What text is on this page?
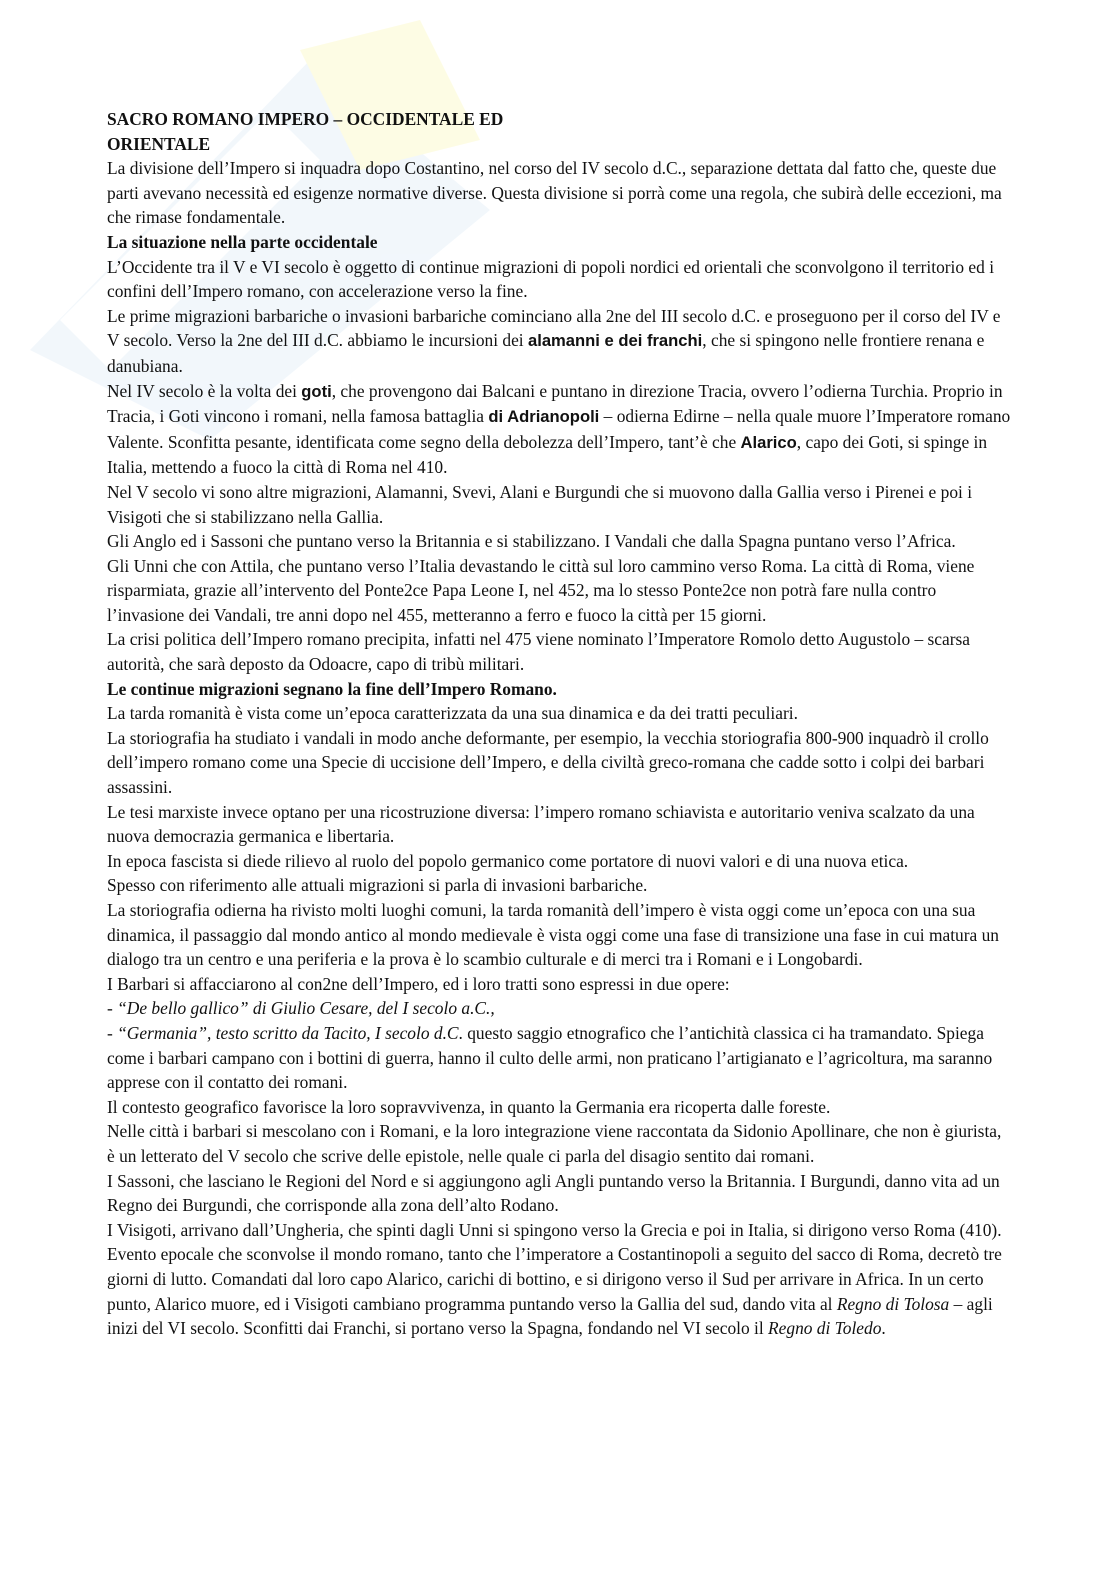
SACRO ROMANO IMPERO – OCCIDENTALE ED

ORIENTALE

La divisione dell’Impero si inquadra dopo Costantino, nel corso del IV secolo d.C., separazione dettata dal fatto che, queste due parti avevano necessità ed esigenze normative diverse. Questa divisione si porrà come una regola, che subirà delle eccezioni, ma che rimase fondamentale.

La situazione nella parte occidentale

L’Occidente tra il V e VI secolo è oggetto di continue migrazioni di popoli nordici ed orientali che sconvolgono il territorio ed i confini dell’Impero romano, con accelerazione verso la fine.

Le prime migrazioni barbariche o invasioni barbariche cominciano alla 2ne del III secolo d.C. e proseguono per il corso del IV e V secolo. Verso la 2ne del III d.C. abbiamo le incursioni dei alamanni e dei franchi, che si spingono nelle frontiere renana e danubiana.

Nel IV secolo è la volta dei goti, che provengono dai Balcani e puntano in direzione Tracia, ovvero l’odierna Turchia. Proprio in Tracia, i Goti vincono i romani, nella famosa battaglia di Adrianopoli – odierna Edirne – nella quale muore l’Imperatore romano Valente. Sconfitta pesante, identificata come segno della debolezza dell’Impero, tant’è che Alarico, capo dei Goti, si spinge in Italia, mettendo a fuoco la città di Roma nel 410.

Nel V secolo vi sono altre migrazioni, Alamanni, Svevi, Alani e Burgundi che si muovono dalla Gallia verso i Pirenei e poi i Visigoti che si stabilizzano nella Gallia.

Gli Anglo ed i Sassoni che puntano verso la Britannia e si stabilizzano. I Vandali che dalla Spagna puntano verso l’Africa.

Gli Unni che con Attila, che puntano verso l’Italia devastando le città sul loro cammino verso Roma. La città di Roma, viene risparmiata, grazie all’intervento del Ponte2ce Papa Leone I, nel 452, ma lo stesso Ponte2ce non potrà fare nulla contro l’invasione dei Vandali, tre anni dopo nel 455, metteranno a ferro e fuoco la città per 15 giorni.

La crisi politica dell’Impero romano precipita, infatti nel 475 viene nominato l’Imperatore Romolo detto Augustolo – scarsa autorità, che sarà deposto da Odoacre, capo di tribù militari.

Le continue migrazioni segnano la fine dell’Impero Romano.

La tarda romanità è vista come un’epoca caratterizzata da una sua dinamica e da dei tratti peculiari.

La storiografia ha studiato i vandali in modo anche deformante, per esempio, la vecchia storiografia 800-900 inquadrò il crollo dell’impero romano come una Specie di uccisione dell’Impero, e della civiltà greco-romana che cadde sotto i colpi dei barbari assassini.

Le tesi marxiste invece optano per una ricostruzione diversa: l’impero romano schiavista e autoritario veniva scalzato da una nuova democrazia germanica e libertaria.

In epoca fascista si diede rilievo al ruolo del popolo germanico come portatore di nuovi valori e di una nuova etica.

Spesso con riferimento alle attuali migrazioni si parla di invasioni barbariche.

La storiografia odierna ha rivisto molti luoghi comuni, la tarda romanità dell’impero è vista oggi come un’epoca con una sua dinamica, il passaggio dal mondo antico al mondo medievale è vista oggi come una fase di transizione una fase in cui matura un dialogo tra un centro e una periferia e la prova è lo scambio culturale e di merci tra i Romani e i Longobardi.

I Barbari si affacciarono al con2ne dell’Impero, ed i loro tratti sono espressi in due opere:

- “De bello gallico” di Giulio Cesare, del I secolo a.C.,

- “Germania”, testo scritto da Tacito, I secolo d.C. questo saggio etnografico che l’antichità classica ci ha tramandato. Spiega come i barbari campano con i bottini di guerra, hanno il culto delle armi, non praticano l’artigianato e l’agricoltura, ma saranno apprese con il contatto dei romani.

Il contesto geografico favorisce la loro sopravvivenza, in quanto la Germania era ricoperta dalle foreste.

Nelle città i barbari si mescolano con i Romani, e la loro integrazione viene raccontata da Sidonio Apollinare, che non è giurista, è un letterato del V secolo che scrive delle epistole, nelle quale ci parla del disagio sentito dai romani.

I Sassoni, che lasciano le Regioni del Nord e si aggiungono agli Angli puntando verso la Britannia. I Burgundi, danno vita ad un Regno dei Burgundi, che corrisponde alla zona dell’alto Rodano.

I Visigoti, arrivano dall’Ungheria, che spinti dagli Unni si spingono verso la Grecia e poi in Italia, si dirigono verso Roma (410). Evento epocale che sconvolse il mondo romano, tanto che l’imperatore a Costantinopoli a seguito del sacco di Roma, decretò tre giorni di lutto. Comandati dal loro capo Alarico, carichi di bottino, e si dirigono verso il Sud per arrivare in Africa. In un certo punto, Alarico muore, ed i Visigoti cambiano programma puntando verso la Gallia del sud, dando vita al Regno di Tolosa – agli inizi del VI secolo. Sconfitti dai Franchi, si portano verso la Spagna, fondando nel VI secolo il Regno di Toledo.
